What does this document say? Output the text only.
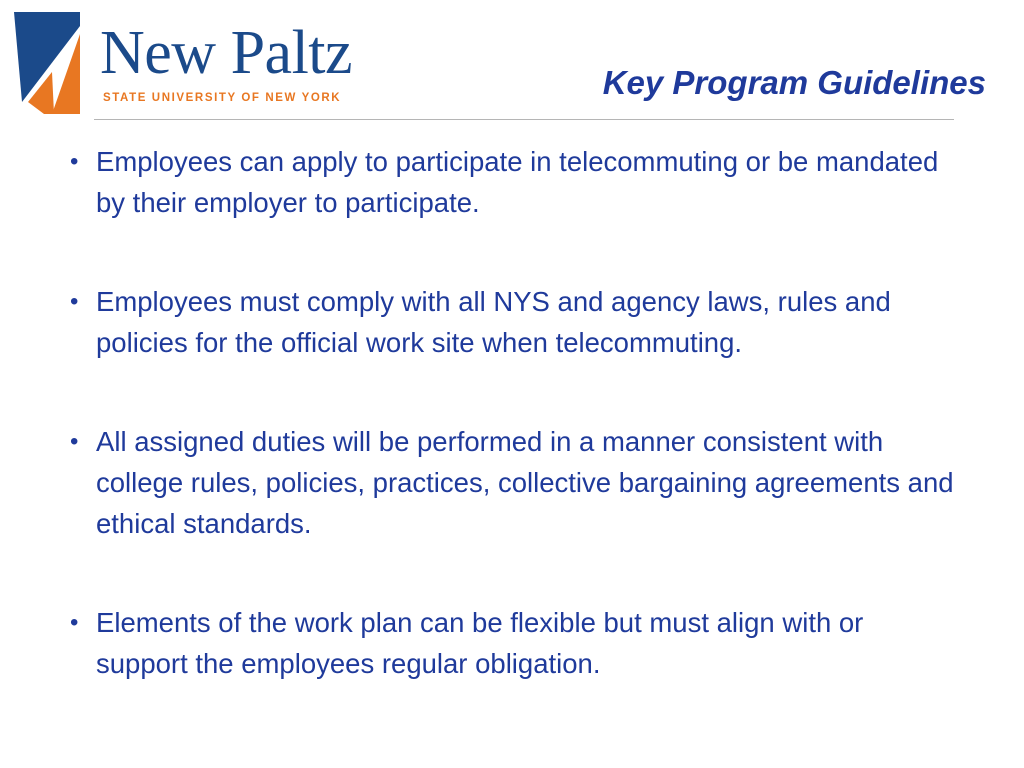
New Paltz
STATE UNIVERSITY OF NEW YORK	Key Program Guidelines
• Employees can apply to participate in telecommuting or be mandated by their employer to participate.
• Employees must comply with all NYS and agency laws, rules and policies for the official work site when telecommuting.
• All assigned duties will be performed in a manner consistent with college rules, policies, practices, collective bargaining agreements and ethical standards.
• Elements of the work plan can be flexible but must align with or support the employees regular obligation.
